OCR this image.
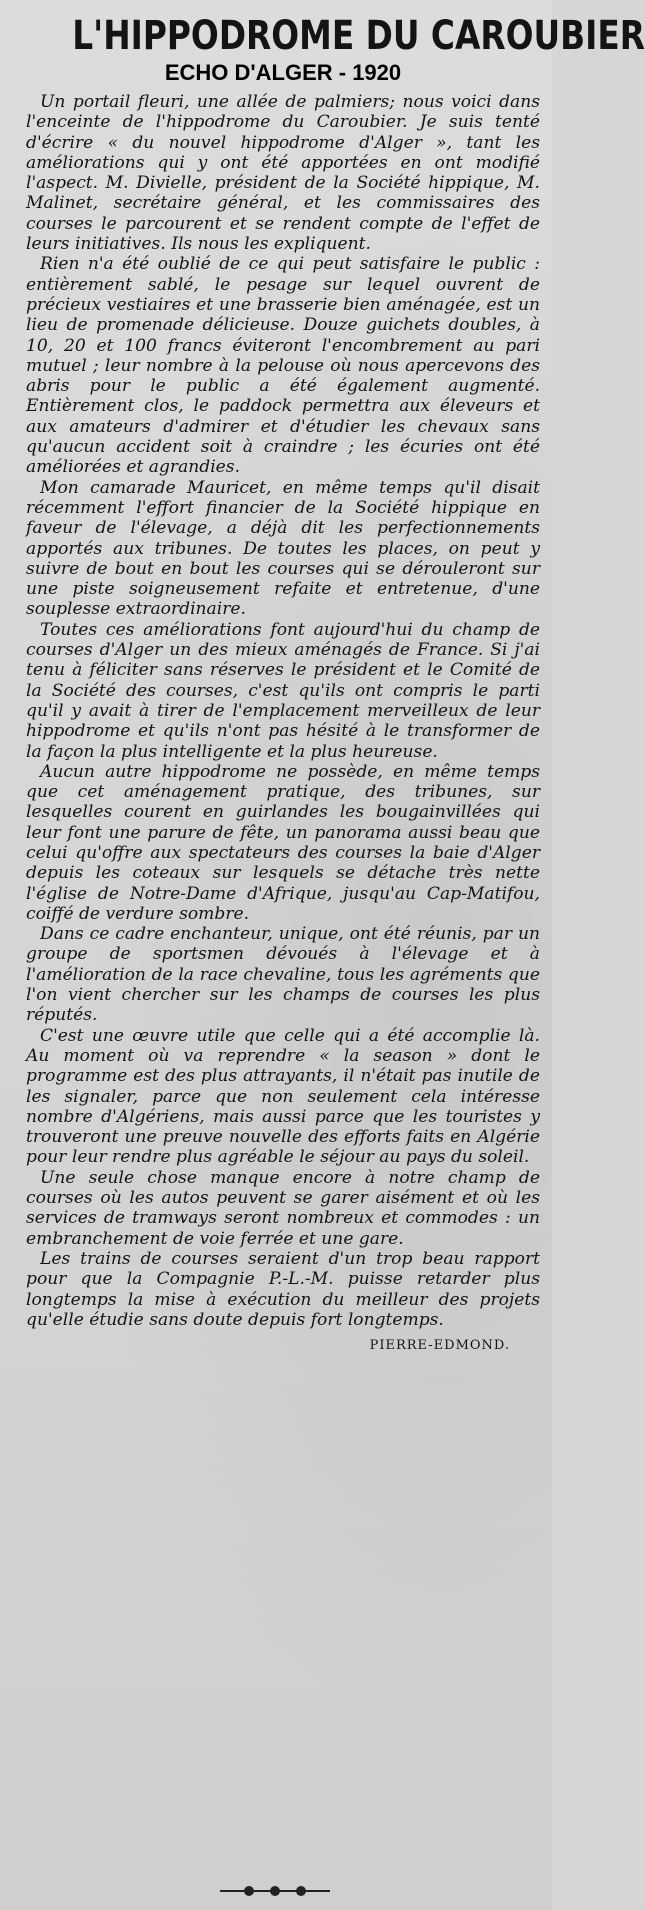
L'HIPPODROME DU CAROUBIER
ECHO D'ALGER - 1920

Un portail fleuri, une allée de palmiers; nous voici dans l'enceinte de l'hippodrome du Caroubier. Je suis tenté d'écrire « du nouvel hippodrome d'Alger », tant les améliorations qui y ont été apportées en ont modifié l'aspect. M. Divielle, président de la Société hippique, M. Malinet, secrétaire général, et les commissaires des courses le parcourent et se rendent compte de l'effet de leurs initiatives. Ils nous les expliquent.

Rien n'a été oublié de ce qui peut satisfaire le public : entièrement sablé, le pesage sur lequel ouvrent de précieux vestiaires et une brasserie bien aménagée, est un lieu de promenade délicieuse. Douze guichets doubles, à 10, 20 et 100 francs éviteront l'encombrement au pari mutuel ; leur nombre à la pelouse où nous apercevons des abris pour le public a été également augmenté. Entièrement clos, le paddock permettra aux éleveurs et aux amateurs d'admirer et d'étudier les chevaux sans qu'aucun accident soit à craindre ; les écuries ont été améliorées et agrandies.

Mon camarade Mauricet, en même temps qu'il disait récemment l'effort financier de la Société hippique en faveur de l'élevage, a déjà dit les perfectionnements apportés aux tribunes. De toutes les places, on peut y suivre de bout en bout les courses qui se dérouleront sur une piste soigneusement refaite et entretenue, d'une souplesse extraordinaire.

Toutes ces améliorations font aujourd'hui du champ de courses d'Alger un des mieux aménagés de France. Si j'ai tenu à féliciter sans réserves le président et le Comité de la Société des courses, c'est qu'ils ont compris le parti qu'il y avait à tirer de l'emplacement merveilleux de leur hippodrome et qu'ils n'ont pas hésité à le transformer de la façon la plus intelligente et la plus heureuse.

Aucun autre hippodrome ne possède, en même temps que cet aménagement pratique, des tribunes, sur lesquelles courent en guirlandes les bougainvillées qui leur font une parure de fête, un panorama aussi beau que celui qu'offre aux spectateurs des courses la baie d'Alger depuis les coteaux sur lesquels se détache très nette l'église de Notre-Dame d'Afrique, jusqu'au Cap-Matifou, coiffé de verdure sombre.

Dans ce cadre enchanteur, unique, ont été réunis, par un groupe de sportsmen dévoués à l'élevage et à l'amélioration de la race chevaline, tous les agréments que l'on vient chercher sur les champs de courses les plus réputés.

C'est une œuvre utile que celle qui a été accomplie là. Au moment où va reprendre « la season » dont le programme est des plus attrayants, il n'était pas inutile de les signaler, parce que non seulement cela intéresse nombre d'Algériens, mais aussi parce que les touristes y trouveront une preuve nouvelle des efforts faits en Algérie pour leur rendre plus agréable le séjour au pays du soleil.

Une seule chose manque encore à notre champ de courses où les autos peuvent se garer aisément et où les services de tramways seront nombreux et commodes : un embranchement de voie ferrée et une gare.

Les trains de courses seraient d'un trop beau rapport pour que la Compagnie P.-L.-M. puisse retarder plus longtemps la mise à exécution du meilleur des projets qu'elle étudie sans doute depuis fort longtemps.

PIERRE-EDMOND.
